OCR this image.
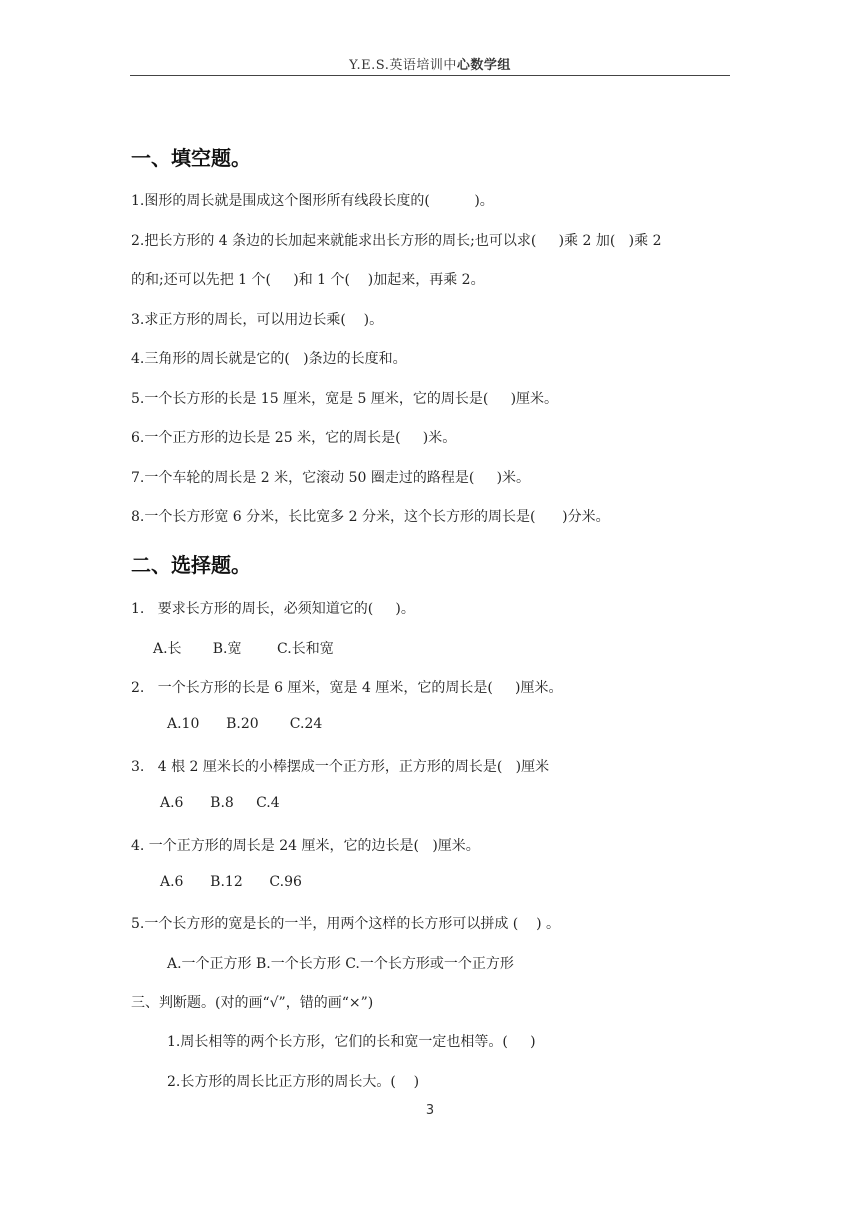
Y.E.S.英语培训中心数学组
一、填空题。
1.图形的周长就是围成这个图形所有线段长度的(          )。
2.把长方形的 4 条边的长加起来就能求出长方形的周长;也可以求(     )乘 2 加(   )乘 2
的和;还可以先把 1 个(     )和 1 个(    )加起来，再乘 2。
3.求正方形的周长，可以用边长乘(    )。
4.三角形的周长就是它的(   )条边的长度和。
5.一个长方形的长是 15 厘米，宽是 5 厘米，它的周长是(     )厘米。
6.一个正方形的边长是 25 米，它的周长是(     )米。
7.一个车轮的周长是 2 米，它滚动 50 圈走过的路程是(     )米。
8.一个长方形宽 6 分米，长比宽多 2 分米，这个长方形的周长是(      )分米。
二、选择题。
1.   要求长方形的周长，必须知道它的(     )。
A.长       B.宽        C.长和宽
2.   一个长方形的长是 6 厘米，宽是 4 厘米，它的周长是(     )厘米。
A.10      B.20       C.24
3.   4 根 2 厘米长的小棒摆成一个正方形，正方形的周长是(   )厘米
A.6      B.8     C.4
4. 一个正方形的周长是 24 厘米，它的边长是(   )厘米。
A.6      B.12      C.96
5.一个长方形的宽是长的一半，用两个这样的长方形可以拼成 (    ) 。
A.一个正方形 B.一个长方形 C.一个长方形或一个正方形
三、判断题。(对的画“√”，错的画“×”)
1.周长相等的两个长方形，它们的长和宽一定也相等。(     )
2.长方形的周长比正方形的周长大。(    )
3
